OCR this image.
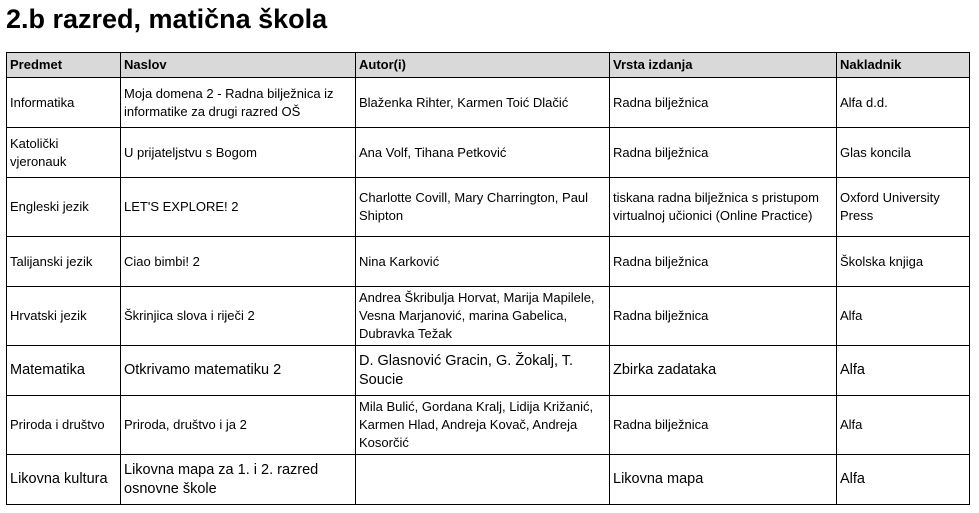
2.b razred, matična škola
Predmet	Naslov	Autor(i)	Vrsta izdanja	Nakladnik
Informatika	Moja domena 2 - Radna bilježnica iz informatike za drugi razred OŠ	Blaženka Rihter, Karmen Toić Dlačić	Radna bilježnica	Alfa d.d.
Katolički vjeronauk	U prijateljstvu s Bogom	Ana Volf, Tihana Petković	Radna bilježnica	Glas koncila
Engleski jezik	LET'S EXPLORE! 2	Charlotte Covill, Mary Charrington, Paul Shipton	tiskana radna bilježnica s pristupom virtualnoj učionici (Online Practice)	Oxford University Press
Talijanski jezik	Ciao bimbi! 2	Nina Karković	Radna bilježnica	Školska knjiga
Hrvatski jezik	Škrinjica slova i riječi 2	Andrea Škribulja Horvat, Marija Mapilele, Vesna Marjanović, marina Gabelica, Dubravka Težak	Radna bilježnica	Alfa
Matematika	Otkrivamo matematiku 2	D. Glasnović Gracin, G. Žokalj, T. Soucie	Zbirka zadataka	Alfa
Priroda i društvo	Priroda, društvo i ja 2	Mila Bulić, Gordana Kralj, Lidija Križanić, Karmen Hlad, Andreja Kovač, Andreja Kosorčić	Radna bilježnica	Alfa
Likovna kultura	Likovna mapa za 1. i 2. razred osnovne škole		Likovna mapa	Alfa
